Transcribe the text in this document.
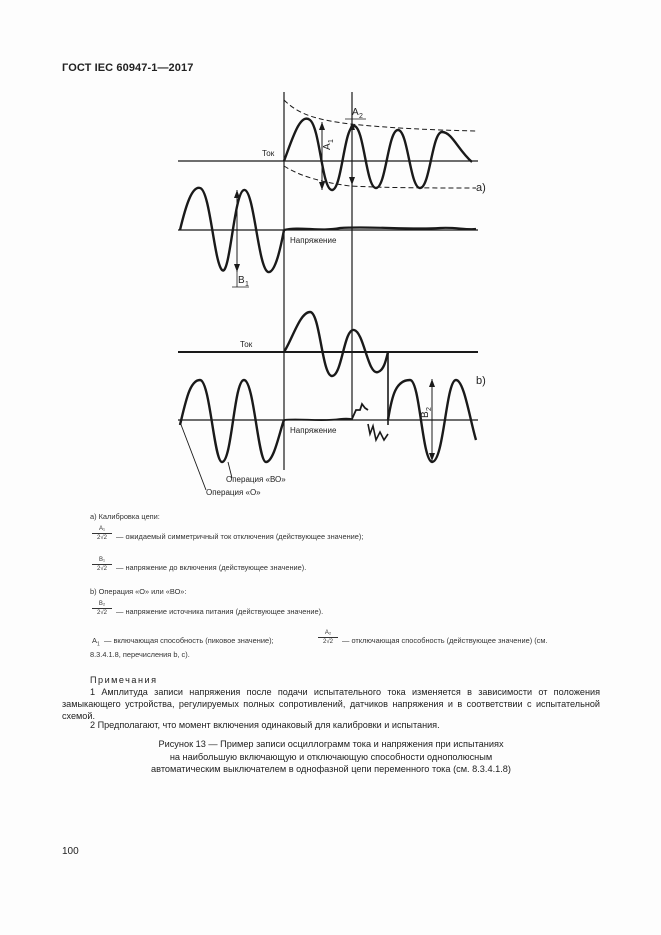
ГОСТ IEC 60947-1—2017
Ток
Напряжение
Ток
Напряжение
a)
b)
A
1
A 2
B 1
B
2
Операция «ВО»
Операция «О»
а) Калибровка цепи:
$\frac{\text{A₁}}{2√2}$ — ожидаемый симметричный ток отключения (действующее значение);
$\frac{\text{B₁}}{2√2}$ — напряжение до включения (действующее значение).
b) Операция «О» или «ВО»:
$\frac{\text{B₂}}{2√2}$ — напряжение источника питания (действующее значение).
$A_1$ — включающая способность (пиковое значение);	$\frac{\text{A₂}}{2√2}$ — отключающая способность (действующее значение) (см.
8.3.4.1.8, перечисления b, c).
Примечания
1 Амплитуда записи напряжения после подачи испытательного тока изменяется в зависимости от положения замыкающего устройства, регулируемых полных сопротивлений, датчиков напряжения и в соответствии с испытательной схемой.
2 Предполагают, что момент включения одинаковый для калибровки и испытания.
Рисунок 13 — Пример записи осциллограмм тока и напряжения при испытаниях
на наибольшую включающую и отключающую способности однополюсным
автоматическим выключателем в однофазной цепи переменного тока (см. 8.3.4.1.8)
100
